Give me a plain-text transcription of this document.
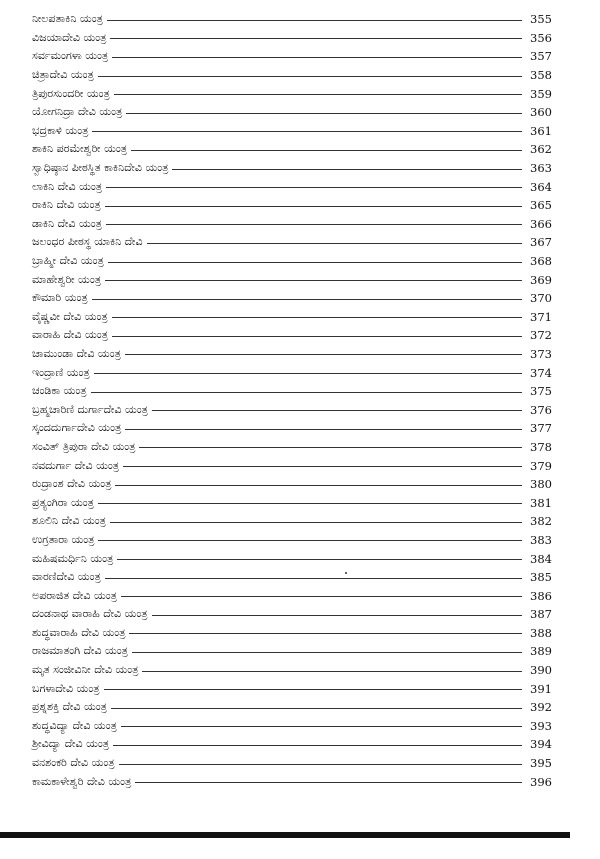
ನೀಲಪತಾಕಿನಿ ಯಂತ್ರ	355
ವಿಜಯಾದೇವಿ ಯಂತ್ರ	356
ಸರ್ವಮಂಗಳಾ ಯಂತ್ರ	357
ಚಿತ್ರಾದೇವಿ ಯಂತ್ರ	358
ತ್ರಿಪುರಸುಂದರೀ ಯಂತ್ರ	359
ಯೋಗನಿದ್ರಾ ದೇವಿ ಯಂತ್ರ	360
ಭದ್ರಕಾಳಿ ಯಂತ್ರ	361
ಶಾಕಿನಿ ಪರಮೇಶ್ವರೀ ಯಂತ್ರ	362
ಸ್ವಾಧಿಷ್ಠಾನ ಪೀಠಸ್ಥಿತ ಕಾಕಿನಿದೇವಿ ಯಂತ್ರ	363
ಲಾಕಿನಿ ದೇವಿ ಯಂತ್ರ	364
ರಾಕಿನಿ ದೇವಿ ಯಂತ್ರ	365
ಡಾಕಿನಿ ದೇವಿ ಯಂತ್ರ	366
ಜಲಂಧರ ಪೀಠಸ್ಥ ಯಾಕಿನಿ ದೇವಿ	367
ಬ್ರಾಹ್ಮೀ ದೇವಿ ಯಂತ್ರ	368
ಮಾಹೇಶ್ವರೀ ಯಂತ್ರ	369
ಕೌಮಾರಿ ಯಂತ್ರ	370
ವೈಷ್ಣವೀ ದೇವಿ ಯಂತ್ರ	371
ವಾರಾಹಿ ದೇವಿ ಯಂತ್ರ	372
ಚಾಮುಂಡಾ ದೇವಿ ಯಂತ್ರ	373
ಇಂದ್ರಾಣಿ ಯಂತ್ರ	374
ಚಂಡಿಕಾ ಯಂತ್ರ	375
ಬ್ರಹ್ಮಚಾರಿಣಿ ದುರ್ಗಾದೇವಿ ಯಂತ್ರ	376
ಸ್ಕಂದದುರ್ಗಾದೇವಿ ಯಂತ್ರ	377
ಸಂವಿತ್ ತ್ರಿಪುರಾ ದೇವಿ ಯಂತ್ರ	378
ನವದುರ್ಗಾ ದೇವಿ ಯಂತ್ರ	379
ರುದ್ರಾಂಶ ದೇವಿ ಯಂತ್ರ	380
ಪ್ರತ್ಯಂಗಿರಾ ಯಂತ್ರ	381
ಶೂಲಿನಿ ದೇವಿ ಯಂತ್ರ	382
ಉಗ್ರತಾರಾ ಯಂತ್ರ	383
ಮಹಿಷಮರ್ಧಿನಿ ಯಂತ್ರ	384
ವಾರಣಿದೇವಿ ಯಂತ್ರ	385
ಅಪರಾಜಿತ ದೇವಿ ಯಂತ್ರ	386
ದಂಡನಾಥ ವಾರಾಹಿ ದೇವಿ ಯಂತ್ರ	387
ಶುದ್ಧವಾರಾಹಿ ದೇವಿ ಯಂತ್ರ	388
ರಾಜಮಾತಂಗಿ ದೇವಿ ಯಂತ್ರ	389
ಮೃತ ಸಂಜೀವಿನೀ ದೇವಿ ಯಂತ್ರ	390
ಬಗಳಾದೇವಿ ಯಂತ್ರ	391
ಪ್ರಶ್ನಶಕ್ತಿ ದೇವಿ ಯಂತ್ರ	392
ಶುದ್ಧವಿದ್ಯಾ ದೇವಿ ಯಂತ್ರ	393
ಶ್ರೀವಿದ್ಯಾ ದೇವಿ ಯಂತ್ರ	394
ವನಶಂಕರಿ ದೇವಿ ಯಂತ್ರ	395
ಕಾಮಕಾಳೇಶ್ವರಿ ದೇವಿ ಯಂತ್ರ	396
